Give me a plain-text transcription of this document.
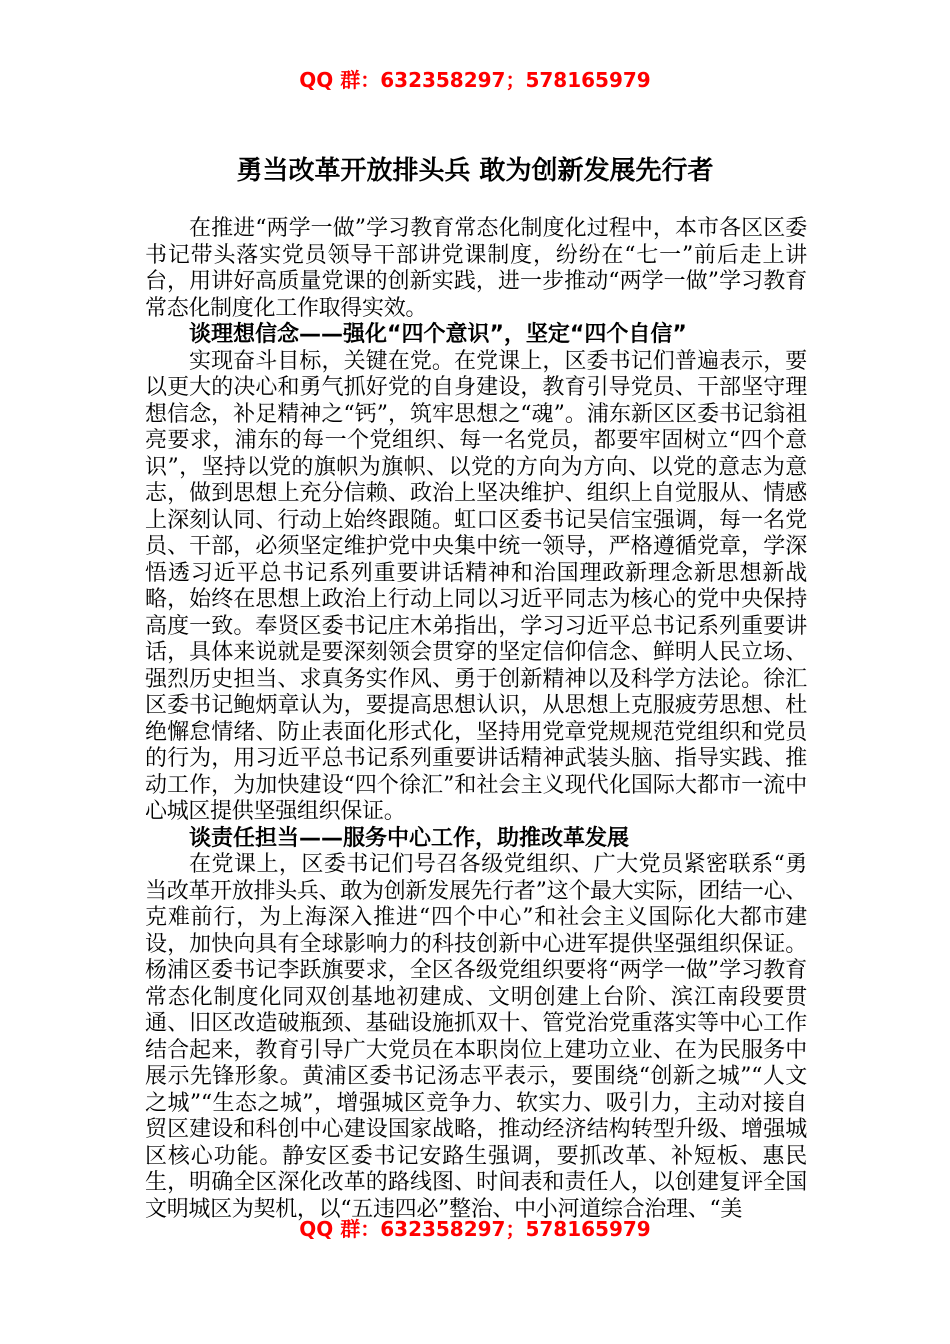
QQ 群：632358297；578165979
勇当改革开放排头兵 敢为创新发展先行者

在推进“两学一做”学习教育常态化制度化过程中，本市各区区委书记带头落实党员领导干部讲党课制度，纷纷在“七一”前后走上讲台，用讲好高质量党课的创新实践，进一步推动“两学一做”学习教育常态化制度化工作取得实效。

谈理想信念——强化“四个意识”，坚定“四个自信”

实现奋斗目标，关键在党。在党课上，区委书记们普遍表示，要以更大的决心和勇气抓好党的自身建设，教育引导党员、干部坚守理想信念，补足精神之“钙”，筑牢思想之“魂”。浦东新区区委书记翁祖亮要求，浦东的每一个党组织、每一名党员，都要牢固树立“四个意识”，坚持以党的旗帜为旗帜、以党的方向为方向、以党的意志为意志，做到思想上充分信赖、政治上坚决维护、组织上自觉服从、情感上深刻认同、行动上始终跟随。虹口区委书记吴信宝强调，每一名党员、干部，必须坚定维护党中央集中统一领导，严格遵循党章，学深悟透习近平总书记系列重要讲话精神和治国理政新理念新思想新战略，始终在思想上政治上行动上同以习近平同志为核心的党中央保持高度一致。奉贤区委书记庄木弟指出，学习习近平总书记系列重要讲话，具体来说就是要深刻领会贯穿的坚定信仰信念、鲜明人民立场、强烈历史担当、求真务实作风、勇于创新精神以及科学方法论。徐汇区委书记鲍炳章认为，要提高思想认识，从思想上克服疲劳思想、杜绝懈怠情绪、防止表面化形式化，坚持用党章党规规范党组织和党员的行为，用习近平总书记系列重要讲话精神武装头脑、指导实践、推动工作，为加快建设“四个徐汇”和社会主义现代化国际大都市一流中心城区提供坚强组织保证。

谈责任担当——服务中心工作，助推改革发展

在党课上，区委书记们号召各级党组织、广大党员紧密联系“勇当改革开放排头兵、敢为创新发展先行者”这个最大实际，团结一心、克难前行，为上海深入推进“四个中心”和社会主义国际化大都市建设，加快向具有全球影响力的科技创新中心进军提供坚强组织保证。杨浦区委书记李跃旗要求，全区各级党组织要将“两学一做”学习教育常态化制度化同双创基地初建成、文明创建上台阶、滨江南段要贯通、旧区改造破瓶颈、基础设施抓双十、管党治党重落实等中心工作结合起来，教育引导广大党员在本职岗位上建功立业、在为民服务中展示先锋形象。黄浦区委书记汤志平表示，要围绕“创新之城”“人文之城”“生态之城”，增强城区竞争力、软实力、吸引力，主动对接自贸区建设和科创中心建设国家战略，推动经济结构转型升级、增强城区核心功能。静安区委书记安路生强调，要抓改革、补短板、惠民生，明确全区深化改革的路线图、时间表和责任人，以创建复评全国文明城区为契机，以“五违四必”整治、中小河道综合治理、“美

QQ 群：632358297；578165979
